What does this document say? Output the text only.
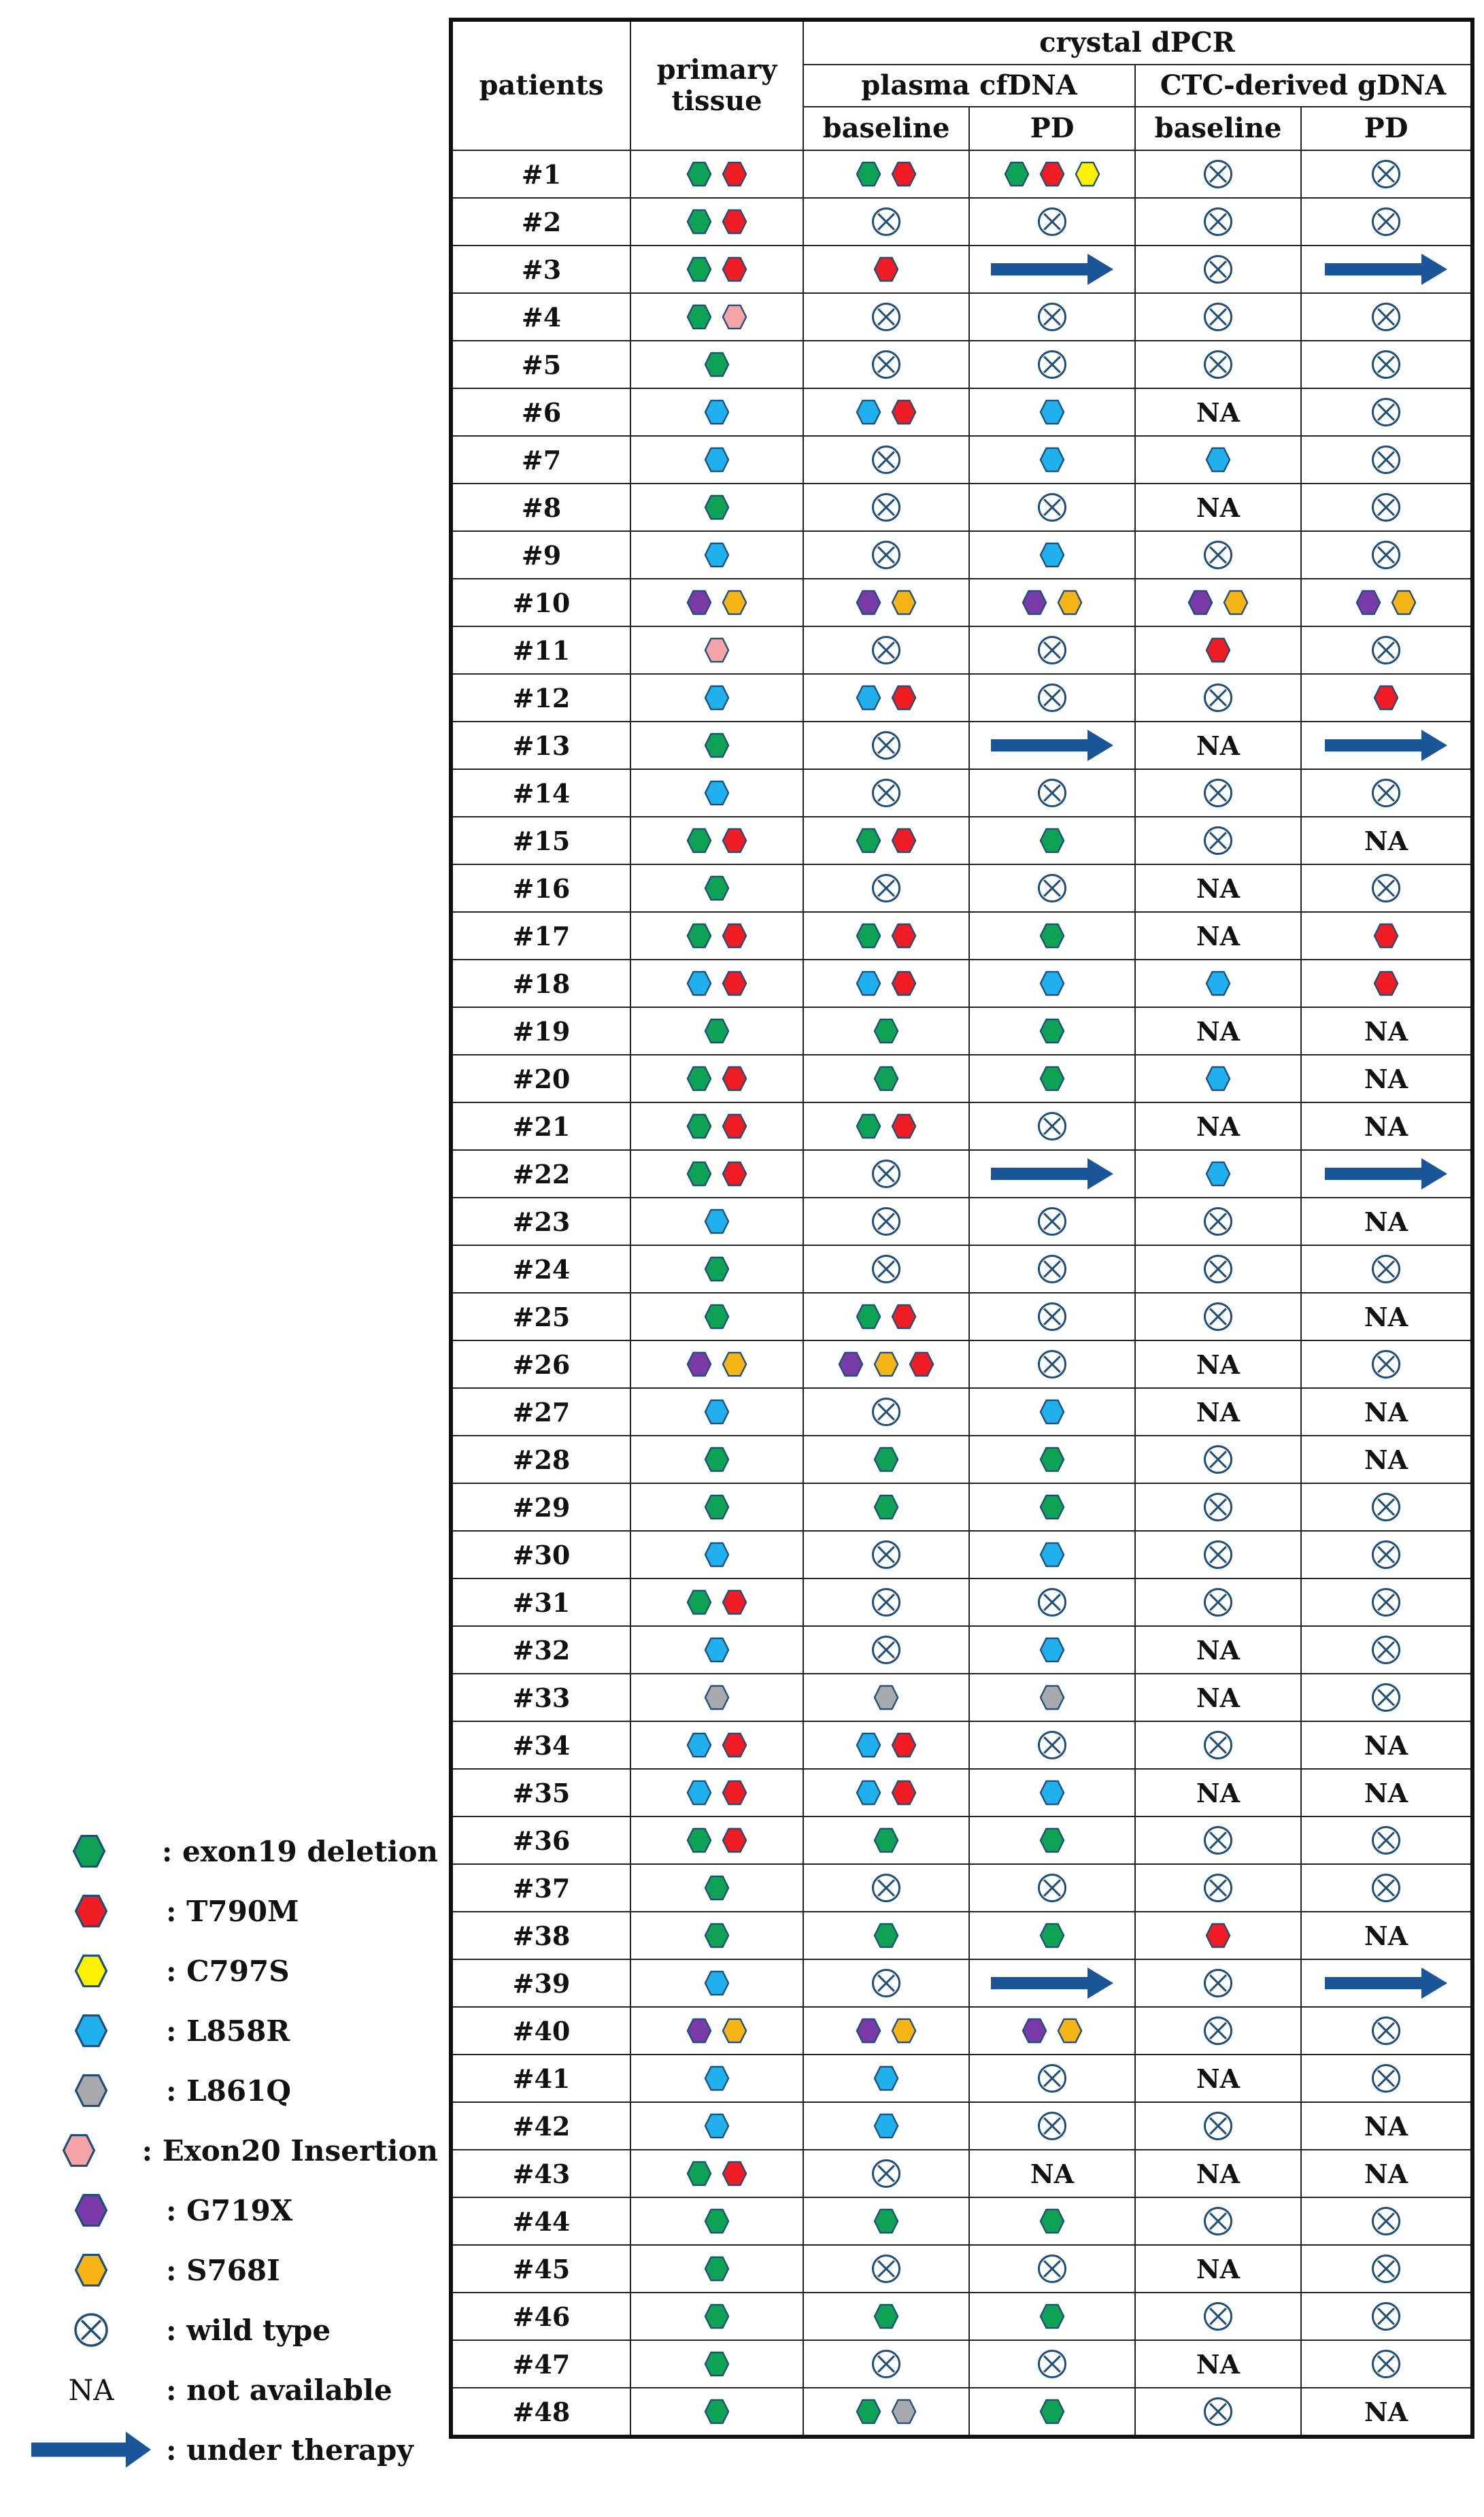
patients	primary tissue	crystal dPCR			
		plasma cfDNA		CTC-derived gDNA	
		baseline	PD	baseline	PD
#1	

#2	

#3	

#4	

#5	

#6				NA	

#7	

#8				NA	

#9	

#10	

#11	

#12	

#13				NA	

#14	

#15					NA
#16				NA	

#17				NA	

#18	

#19				NA	NA
#20					NA
#21				NA	NA
#22	

#23					NA
#24	

#25					NA
#26				NA	

#27				NA	NA
#28					NA
#29	

#30	

#31	

#32				NA	

#33				NA	

#34					NA
#35				NA	NA
#36	

#37	

#38					NA
#39	

#40	

#41				NA	

#42					NA
#43			NA	NA	NA
#44	

#45				NA	

#46	

#47				NA	

#48					NA
: exon19 deletion
: T790M
: C797S
: L858R
: L861Q
: Exon20 Insertion
: G719X
: S768I
: wild type
NA : not available
: under therapy
